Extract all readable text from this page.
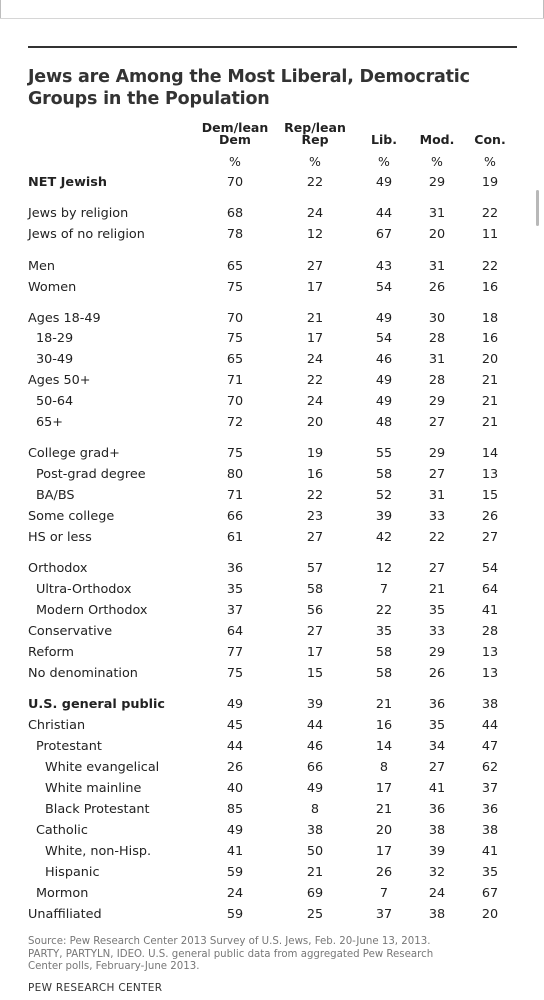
Jews are Among the Most Liberal, Democratic
Groups in the Population
Dem/lean
Dem
Rep/lean
Rep	Lib.	Mod.	Con.
%	%	%	%	%
NET Jewish	70	22	49	29	19
Jews by religion	68	24	44	31	22
Jews of no religion	78	12	67	20	11
Men	65	27	43	31	22
Women	75	17	54	26	16
Ages 18-49	70	21	49	30	18
18-29	75	17	54	28	16
30-49	65	24	46	31	20
Ages 50+	71	22	49	28	21
50-64	70	24	49	29	21
65+	72	20	48	27	21
College grad+	75	19	55	29	14
Post-grad degree	80	16	58	27	13
BA/BS	71	22	52	31	15
Some college	66	23	39	33	26
HS or less	61	27	42	22	27
Orthodox	36	57	12	27	54
Ultra-Orthodox	35	58	7	21	64
Modern Orthodox	37	56	22	35	41
Conservative	64	27	35	33	28
Reform	77	17	58	29	13
No denomination	75	15	58	26	13
U.S. general public	49	39	21	36	38
Christian	45	44	16	35	44
Protestant	44	46	14	34	47
White evangelical	26	66	8	27	62
White mainline	40	49	17	41	37
Black Protestant	85	8	21	36	36
Catholic	49	38	20	38	38
White, non-Hisp.	41	50	17	39	41
Hispanic	59	21	26	32	35
Mormon	24	69	7	24	67
Unaffiliated	59	25	37	38	20

Source: Pew Research Center 2013 Survey of U.S. Jews, Feb. 20-June 13, 2013.
PARTY, PARTYLN, IDEO. U.S. general public data from aggregated Pew Research
Center polls, February-June 2013.

PEW RESEARCH CENTER
